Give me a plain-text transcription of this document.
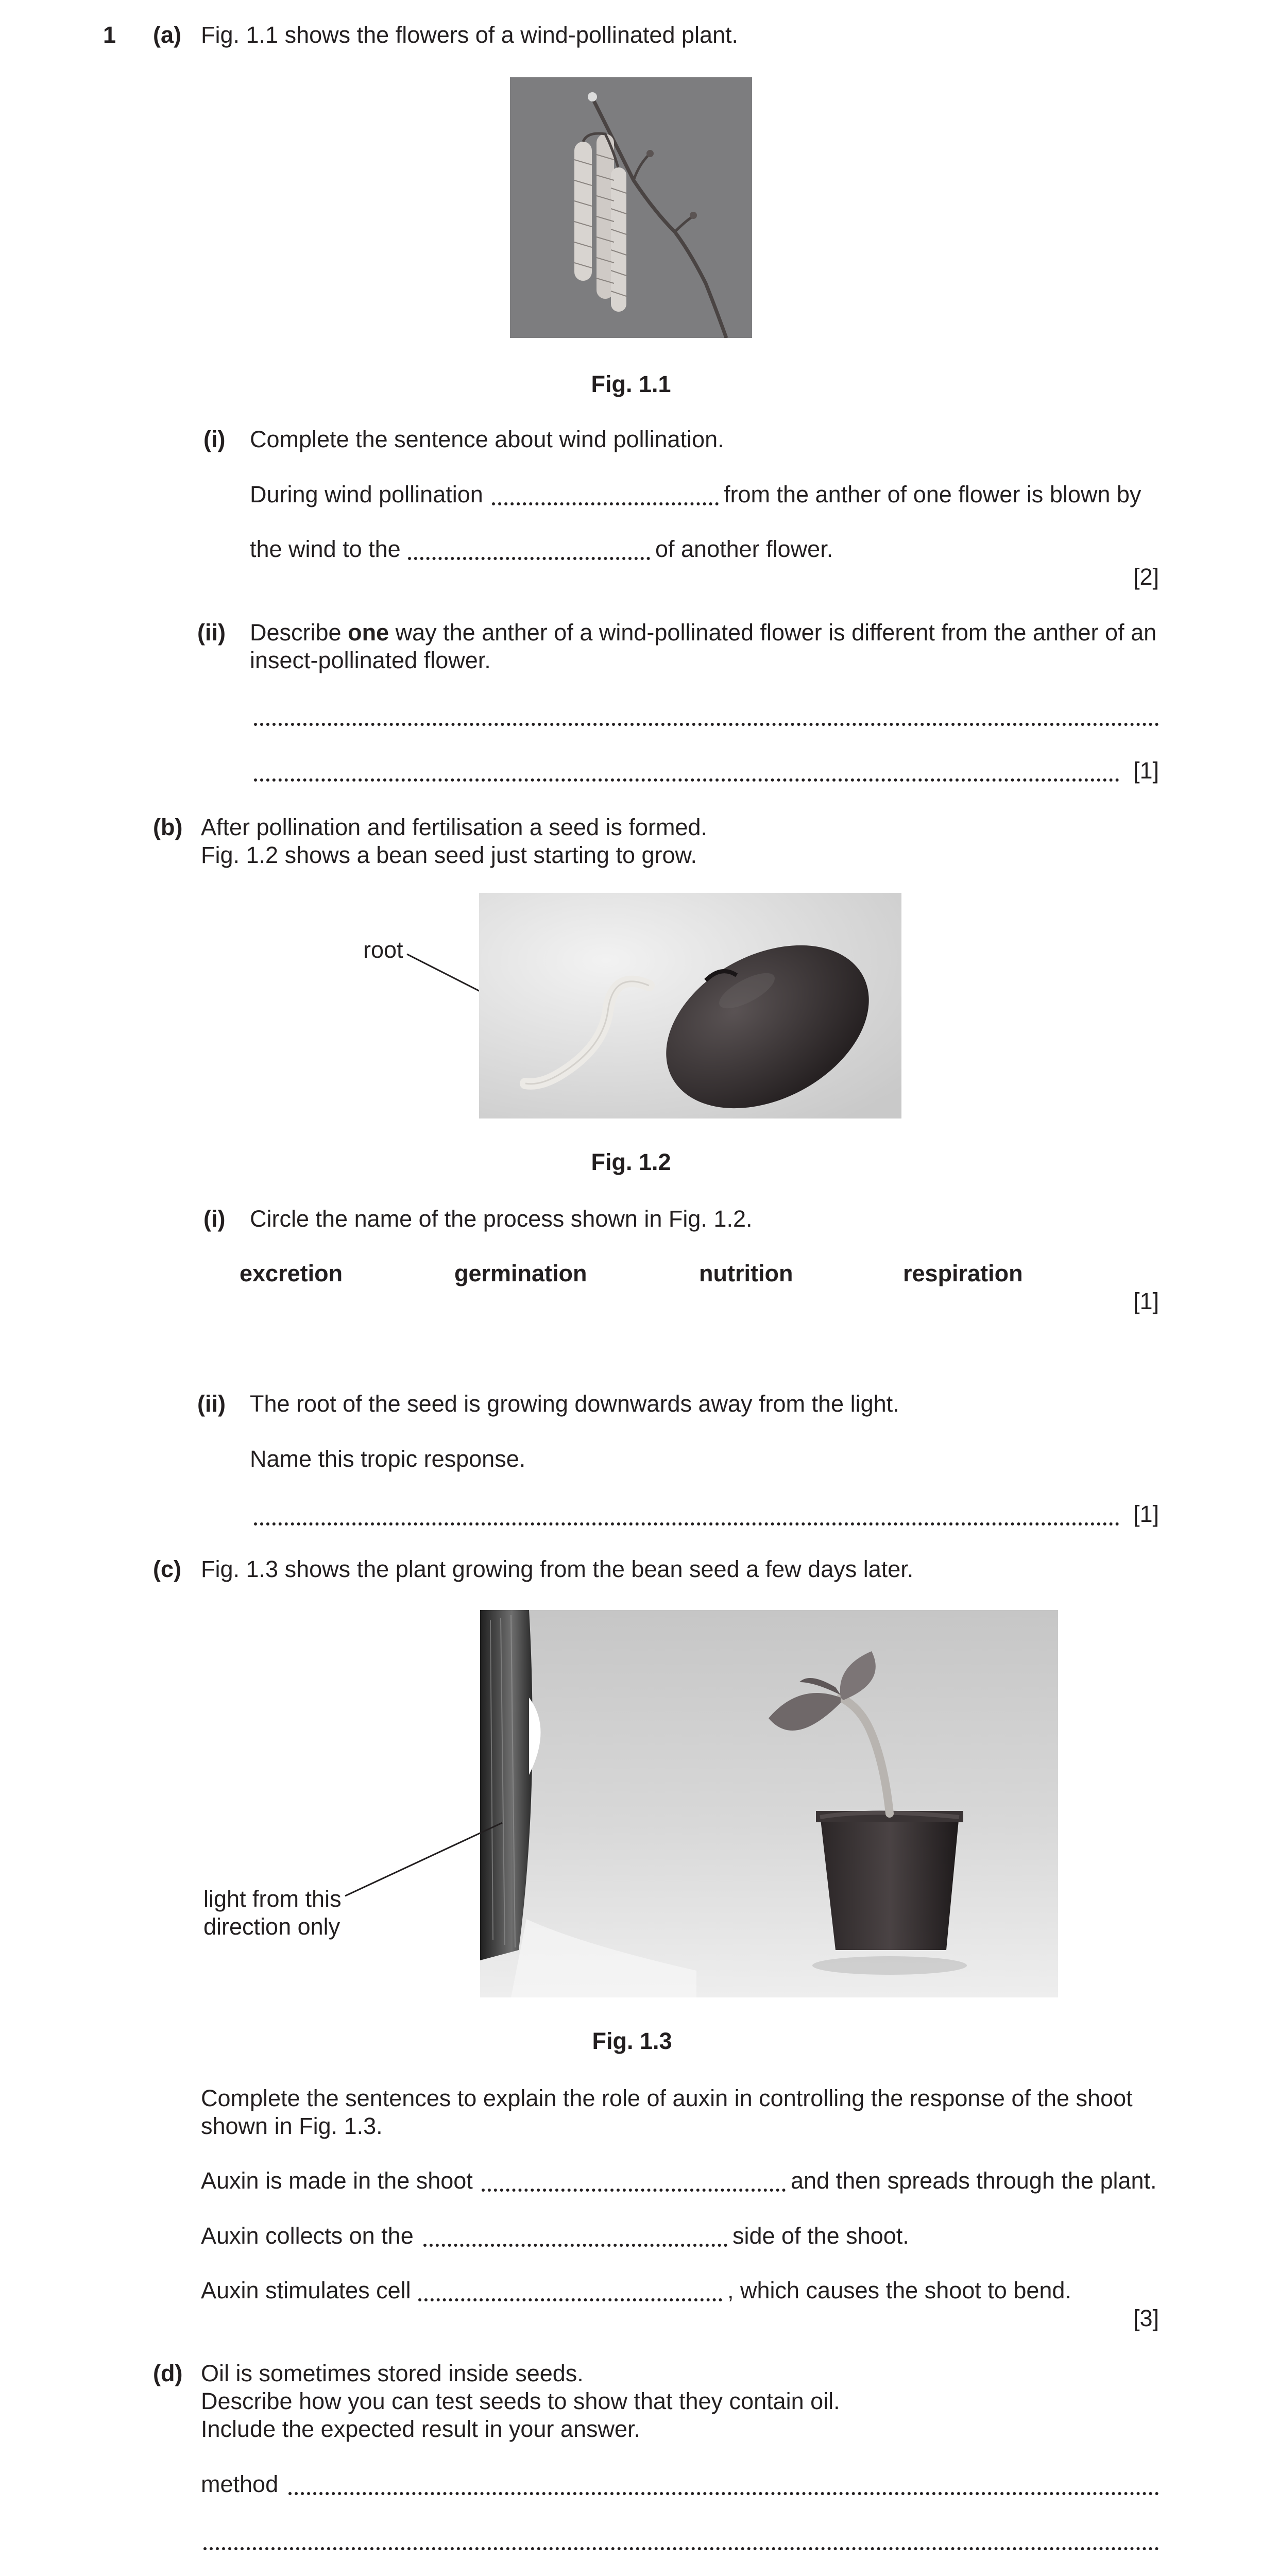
1 (a) Fig. 1.1 shows the flowers of a wind-pollinated plant.
Fig. 1.1
(i) Complete the sentence about wind pollination.
During wind pollination	from the anther of one flower is blown by
the wind to the	of another flower.
[2]
(ii) Describe one way the anther of a wind-pollinated flower is different from the anther of an
insect-pollinated flower.
[1]
(b) After pollination and fertilisation a seed is formed.
Fig. 1.2 shows a bean seed just starting to grow.
root
Fig. 1.2
(i) Circle the name of the process shown in Fig. 1.2.
excretion	germination	nutrition	respiration
[1]
(ii) The root of the seed is growing downwards away from the light.
Name this tropic response.
[1]
(c) Fig. 1.3 shows the plant growing from the bean seed a few days later.
light from this
direction only
Fig. 1.3
Complete the sentences to explain the role of auxin in controlling the response of the shoot
shown in Fig. 1.3.
Auxin is made in the shoot	and then spreads through the plant.
Auxin collects on the	side of the shoot.
Auxin stimulates cell	, which causes the shoot to bend.
[3]
(d) Oil is sometimes stored inside seeds.
Describe how you can test seeds to show that they contain oil.
Include the expected result in your answer.
method
